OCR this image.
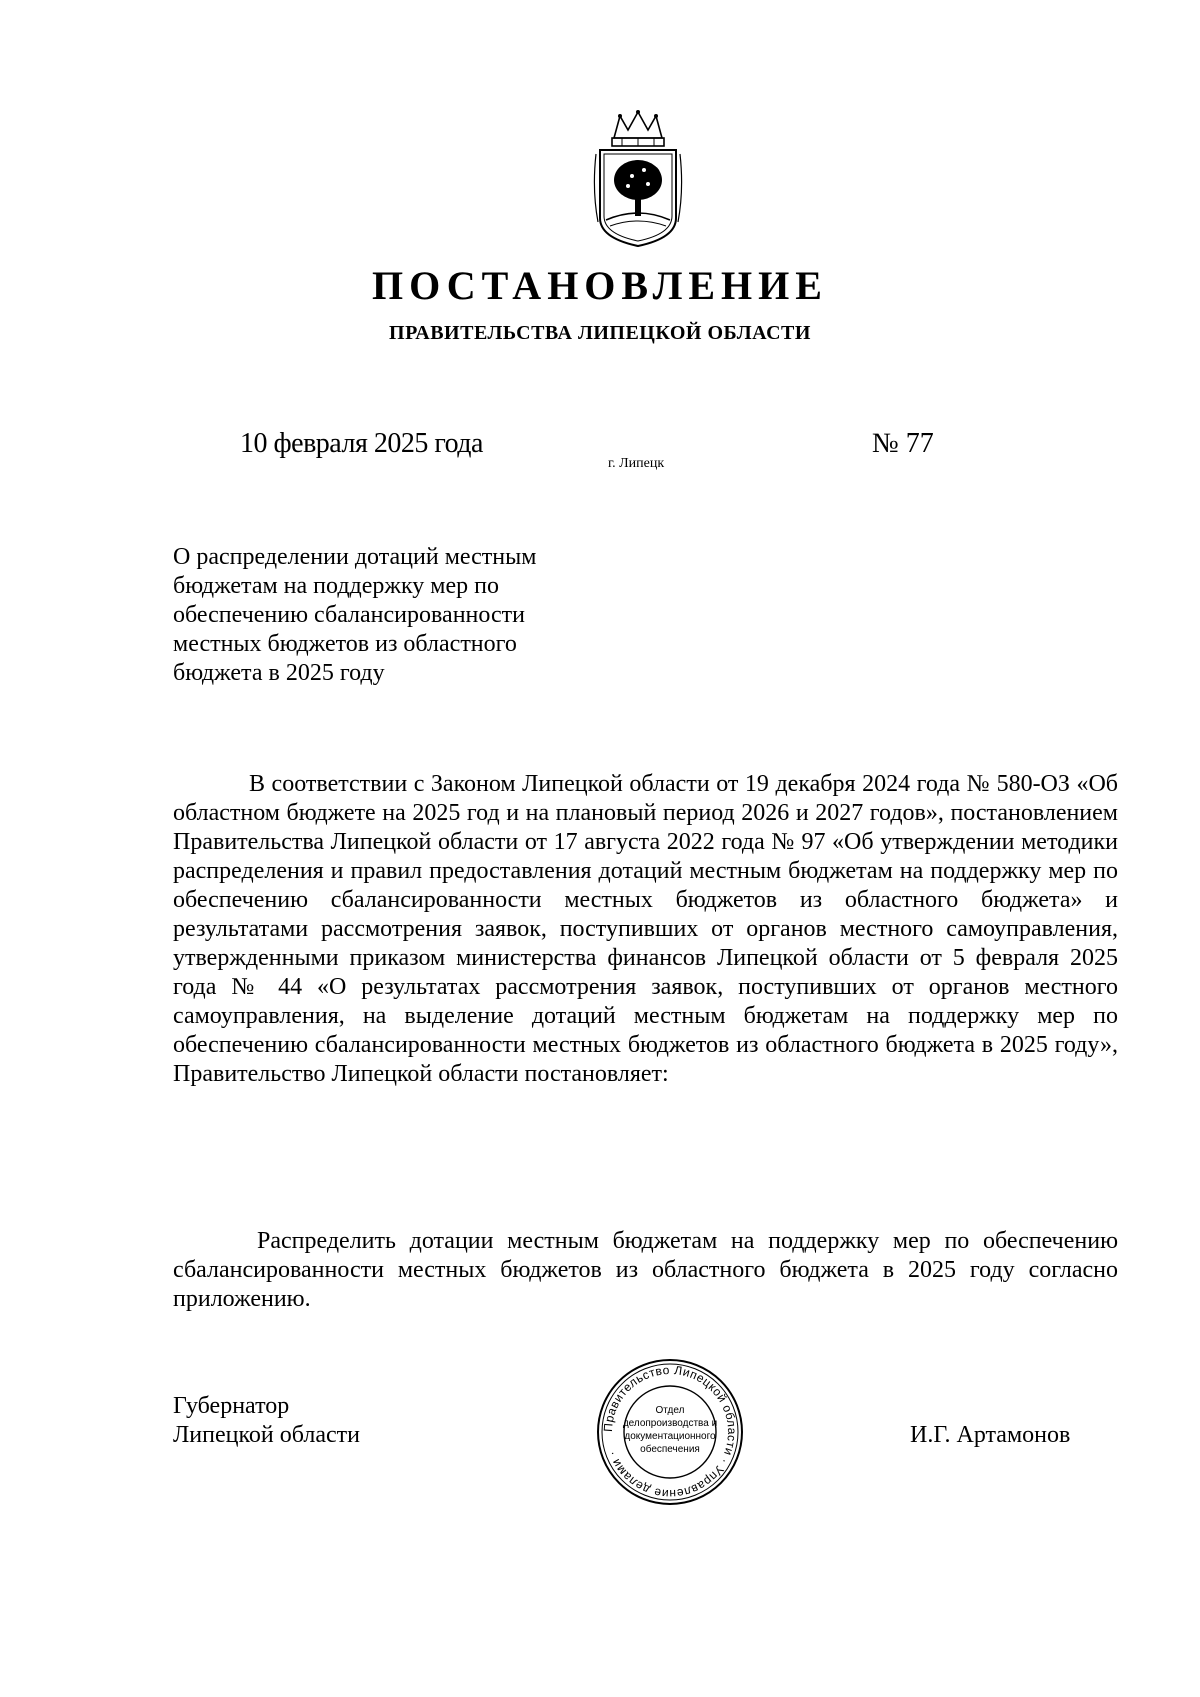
ПОСТАНОВЛЕНИЕ
ПРАВИТЕЛЬСТВА ЛИПЕЦКОЙ ОБЛАСТИ
10 февраля 2025 года
г. Липецк
№ 77
О распределении дотаций местным
бюджетам на поддержку мер по
обеспечению сбалансированности
местных бюджетов из областного
бюджета в 2025 году

В соответствии с Законом Липецкой области от 19 декабря 2024 года № 580-ОЗ «Об областном бюджете на 2025 год и на плановый период 2026 и 2027 годов», постановлением Правительства Липецкой области от 17 августа 2022 года № 97 «Об утверждении методики распределения и правил предоставления дотаций местным бюджетам на поддержку мер по обеспечению сбалансированности местных бюджетов из областного бюджета» и результатами рассмотрения заявок, поступивших от органов местного самоуправления, утвержденными приказом министерства финансов Липецкой области от 5 февраля 2025 года № 44 «О результатах рассмотрения заявок, поступивших от органов местного самоуправления, на выделение дотаций местным бюджетам на поддержку мер по обеспечению сбалансированности местных бюджетов из областного бюджета в 2025 году», Правительство Липецкой области постановляет:

Распределить дотации местным бюджетам на поддержку мер по обеспечению сбалансированности местных бюджетов из областного бюджета в 2025 году согласно приложению.

Губернатор
Липецкой области	Правительство Липецкой области · Управление делами ·
Отдел
делопроизводства и
документационного
обеспечения
И.Г. Артамонов
